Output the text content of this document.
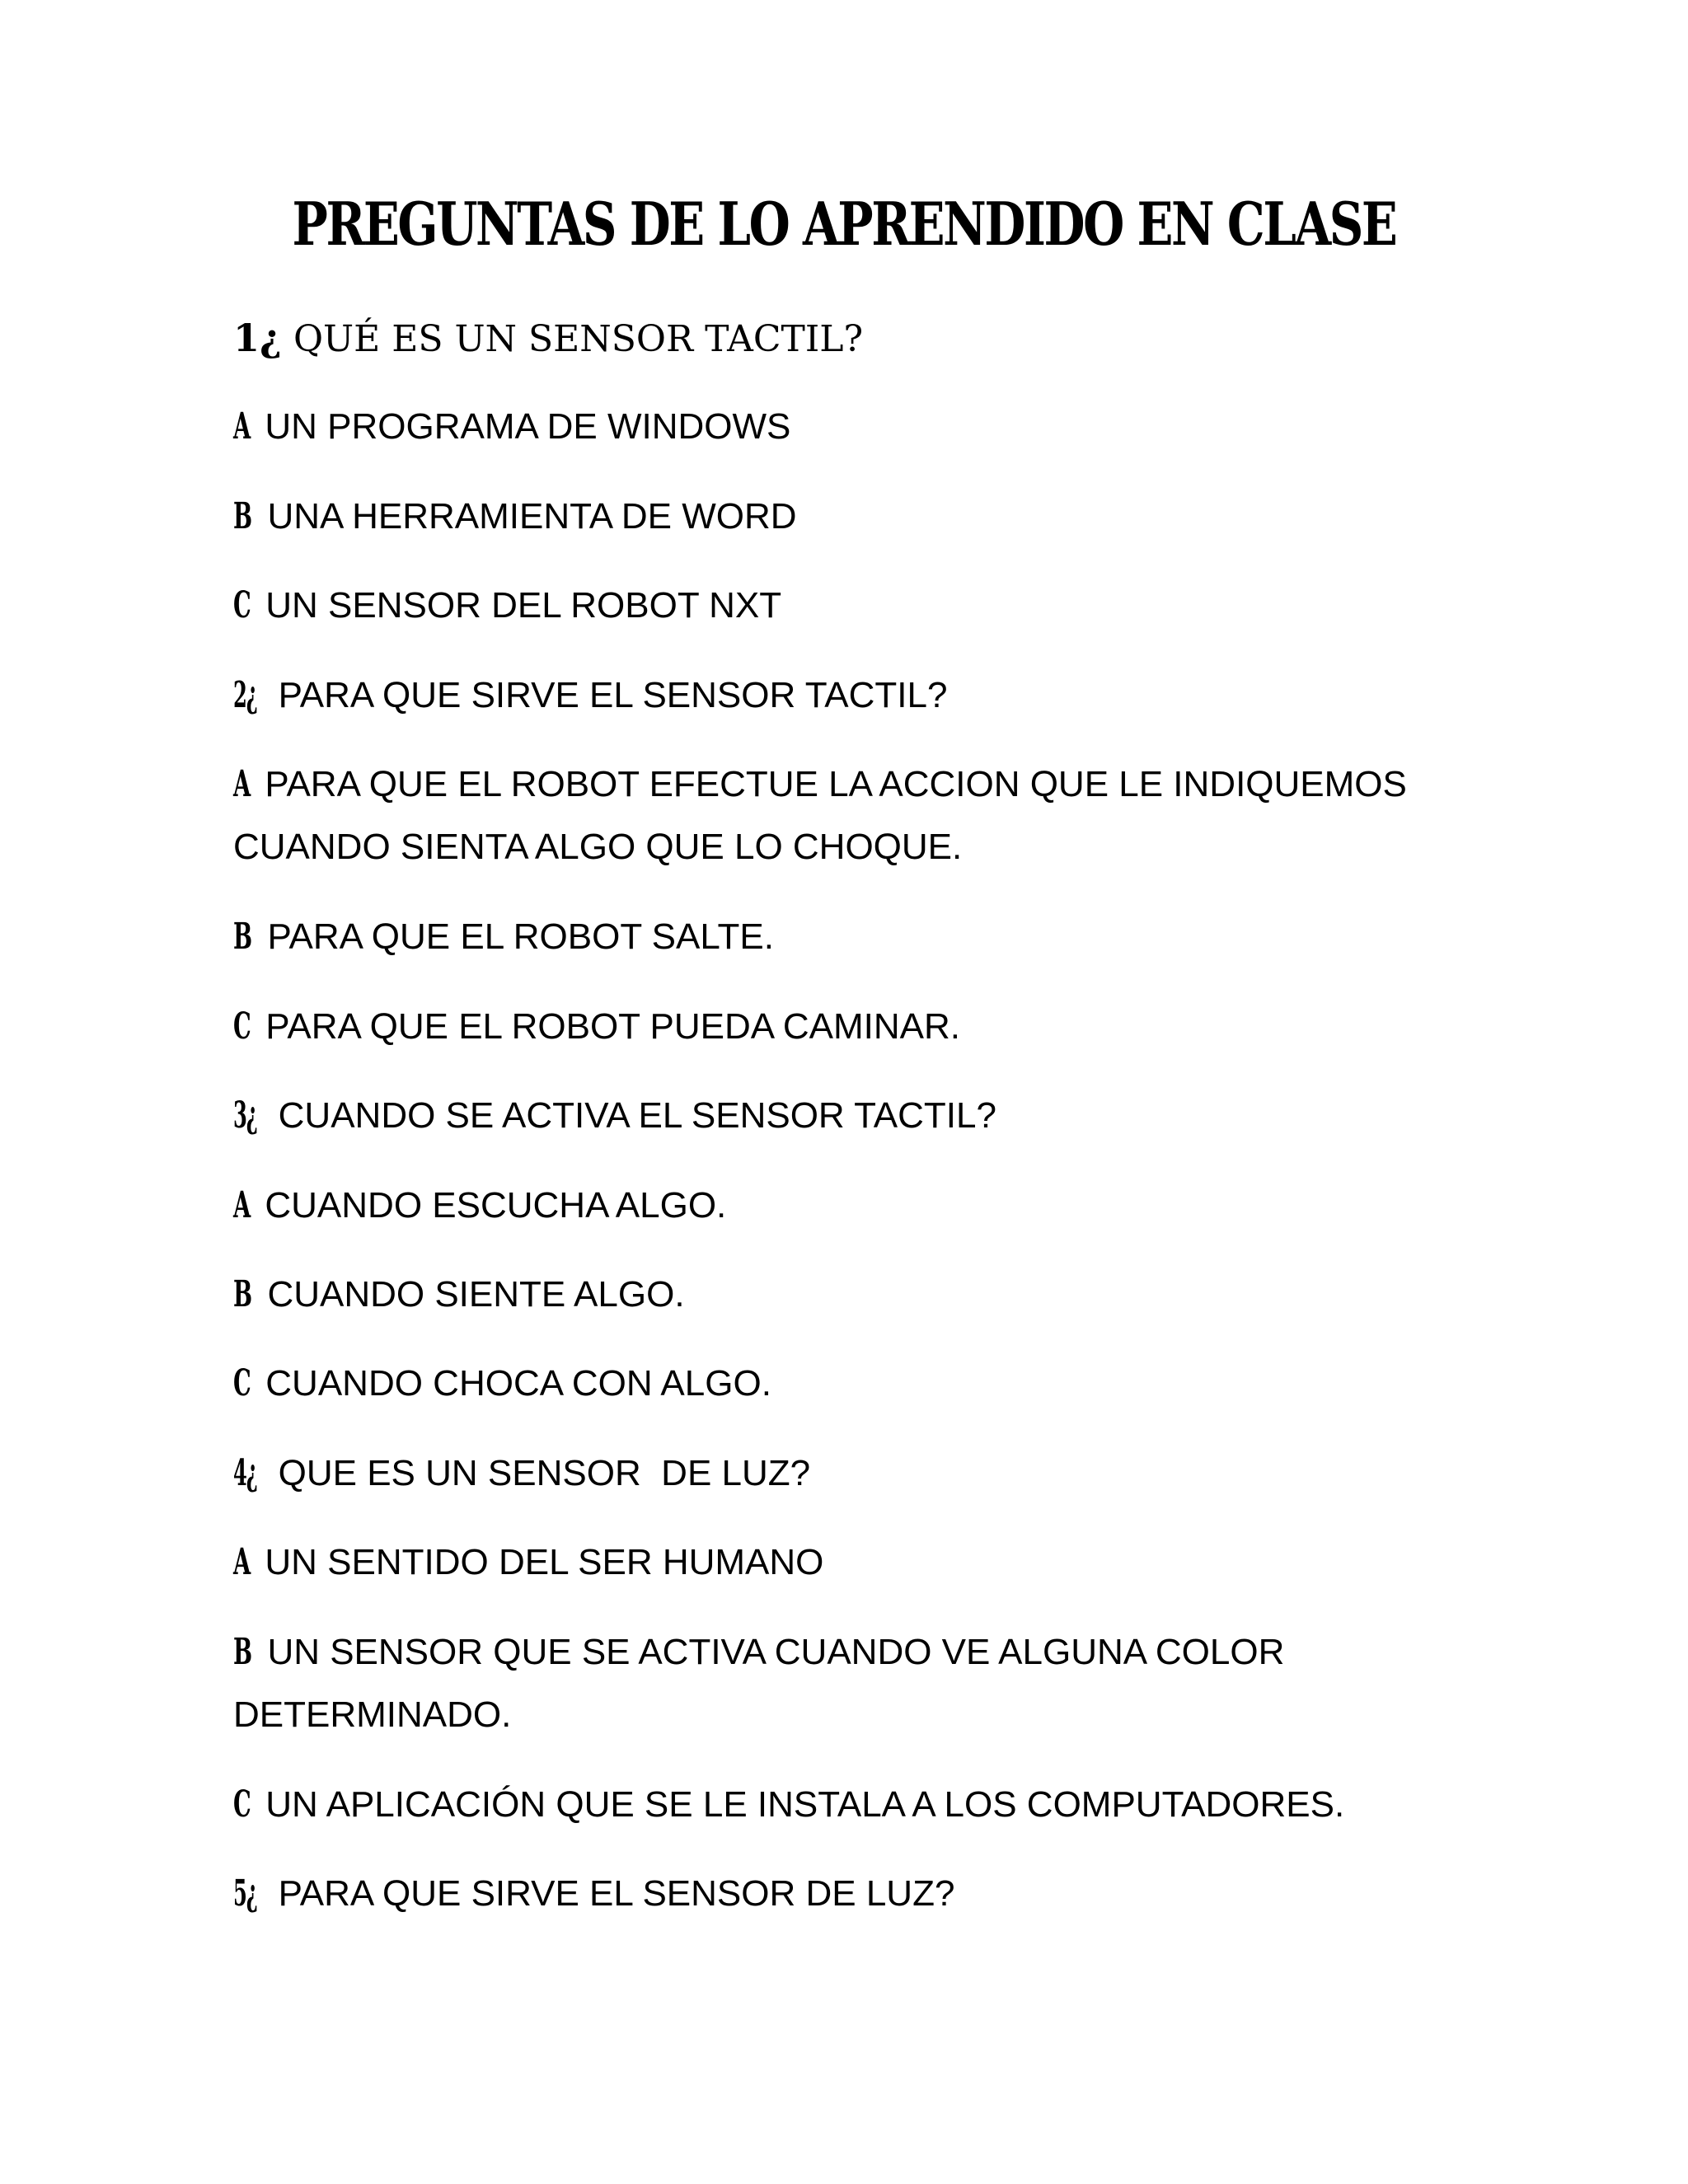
PREGUNTAS DE LO APRENDIDO EN CLASE
1¿ QUÉ ES UN SENSOR TACTIL?
A UN PROGRAMA DE WINDOWS
B UNA HERRAMIENTA DE WORD
C UN SENSOR DEL ROBOT NXT
2¿ PARA QUE SIRVE EL SENSOR TACTIL?
A PARA QUE EL ROBOT EFECTUE LA ACCION QUE LE INDIQUEMOS CUANDO SIENTA ALGO QUE LO CHOQUE.
B PARA QUE EL ROBOT SALTE.
C PARA QUE EL ROBOT PUEDA CAMINAR.
3¿ CUANDO SE ACTIVA EL SENSOR TACTIL?
A CUANDO ESCUCHA ALGO.
B CUANDO SIENTE ALGO.
C CUANDO CHOCA CON ALGO.
4¿ QUE ES UN SENSOR  DE LUZ?
A UN SENTIDO DEL SER HUMANO
B UN SENSOR QUE SE ACTIVA CUANDO VE ALGUNA COLOR DETERMINADO.
C UN APLICACIÓN QUE SE LE INSTALA A LOS COMPUTADORES.
5¿ PARA QUE SIRVE EL SENSOR DE LUZ?
